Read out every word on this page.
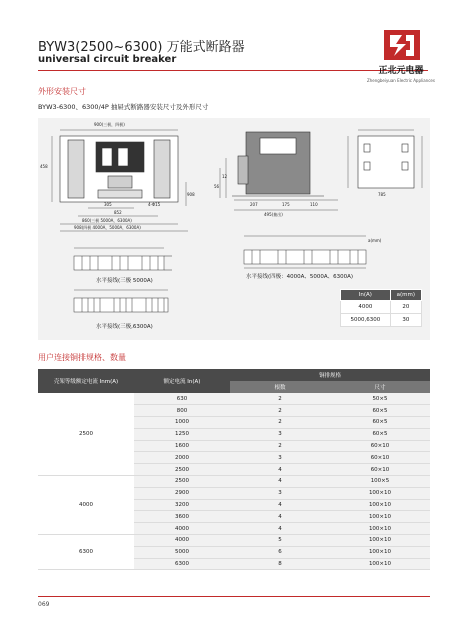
BYW3(2500~6300) 万能式断路器
universal circuit breaker
正北元电器
Zhengbeiyuan Electric Appliances
外形安装尺寸
BYW3-6300、6300/4P 抽屉式断路器安装尺寸及外形尺寸
900(三极，四极)
458
305
852
4-Φ15
908
860(三极 5000A，6300A)
908(四极 4000A，5000A，6300A)
207	175	110
495(抽出)
12
56
785
水平接线(三极 5000A)
水平接线(三极,6300A)
水平接线(四极：4000A、5000A、6300A)
a(mm)
In(A)	a(mm)
4000	20
5000,6300	30
用户连接铜排规格、数量
壳架等级额定电流 Inm(A)	额定电流 In(A)	铜排规格	
		根数	尺寸
2500	630	2	50×5
	800	2	60×5
	1000	2	60×5
	1250	3	60×5
	1600	2	60×10
	2000	3	60×10
	2500	4	60×10
4000	2500	4	100×5
	2900	3	100×10
	3200	4	100×10
	3600	4	100×10
	4000	4	100×10
6300	4000	5	100×10
	5000	6	100×10
	6300	8	100×10
069
